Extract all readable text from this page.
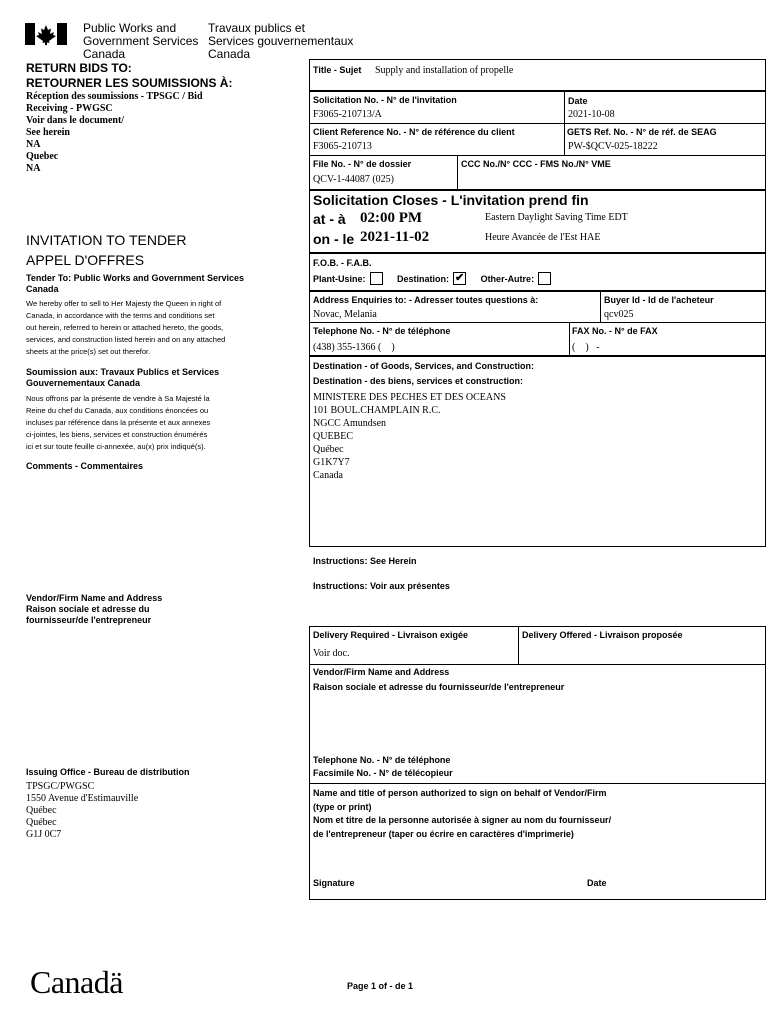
Public Works and
Government Services
Canada
Travaux publics et
Services gouvernementaux
Canada
RETURN BIDS TO:
RETOURNER LES SOUMISSIONS À:
Réception des soumissions - TPSGC / Bid
Receiving - PWGSC
Voir dans le document/
See herein
NA
Quebec
NA
INVITATION TO TENDER
APPEL D'OFFRES
Tender To: Public Works and Government Services
Canada
We hereby offer to sell to Her Majesty the Queen in right of
Canada, in accordance with the terms and conditions set
out herein, referred to herein or attached hereto, the goods,
services, and construction listed herein and on any attached
sheets at the price(s) set out therefor.
Soumission aux: Travaux Publics et Services
Gouvernementaux Canada
Nous offrons par la présente de vendre à Sa Majesté la
Reine du chef du Canada, aux conditions énoncées ou
incluses par référence dans la présente et aux annexes
ci-jointes, les biens, services et construction énumérés
ici et sur toute feuille ci-annexée, au(x) prix indiqué(s).
Comments - Commentaires
Vendor/Firm Name and Address
Raison sociale et adresse du
fournisseur/de l'entrepreneur
Issuing Office - Bureau de distribution
TPSGC/PWGSC
1550 Avenue d'Estimauville
Québec
Québec
G1J 0C7
Title - Sujet Supply and installation of propelle
Solicitation No. - N° de l'invitation
F3065-210713/A
Date
2021-10-08
Client Reference No. - N° de référence du client
F3065-210713
GETS Ref. No. - N° de réf. de SEAG
PW-$QCV-025-18222
File No. - N° de dossier
QCV-1-44087 (025)
CCC No./N° CCC - FMS No./N° VME
Solicitation Closes - L'invitation prend fin
at - à 02:00 PM	Eastern Daylight Saving Time EDT
on - le 2021-11-02	Heure Avancée de l'Est HAE
F.O.B. - F.A.B.
Plant-Usine:	Destination: ✔ Other-Autre:
Address Enquiries to: - Adresser toutes questions à:
Novac, Melania
Buyer Id - Id de l'acheteur
qcv025
Telephone No. - N° de téléphone
(438) 355-1366 (    )
FAX No. - N° de FAX
(    )   -
Destination - of Goods, Services, and Construction:
Destination - des biens, services et construction:
MINISTERE DES PECHES ET DES OCEANS
101 BOUL.CHAMPLAIN R.C.
NGCC Amundsen
QUEBEC
Québec
G1K7Y7
Canada
Instructions: See Herein
Instructions: Voir aux présentes
Delivery Required - Livraison exigée
Voir doc.
Delivery Offered - Livraison proposée
Vendor/Firm Name and Address
Raison sociale et adresse du fournisseur/de l'entrepreneur
Telephone No. - N° de téléphone
Facsimile No. - N° de télécopieur
Name and title of person authorized to sign on behalf of Vendor/Firm
(type or print)
Nom et titre de la personne autorisée à signer au nom du fournisseur/
de l'entrepreneur (taper ou écrire en caractères d'imprimerie)
Signature	Date
Canadä	Page 1 of - de 1
